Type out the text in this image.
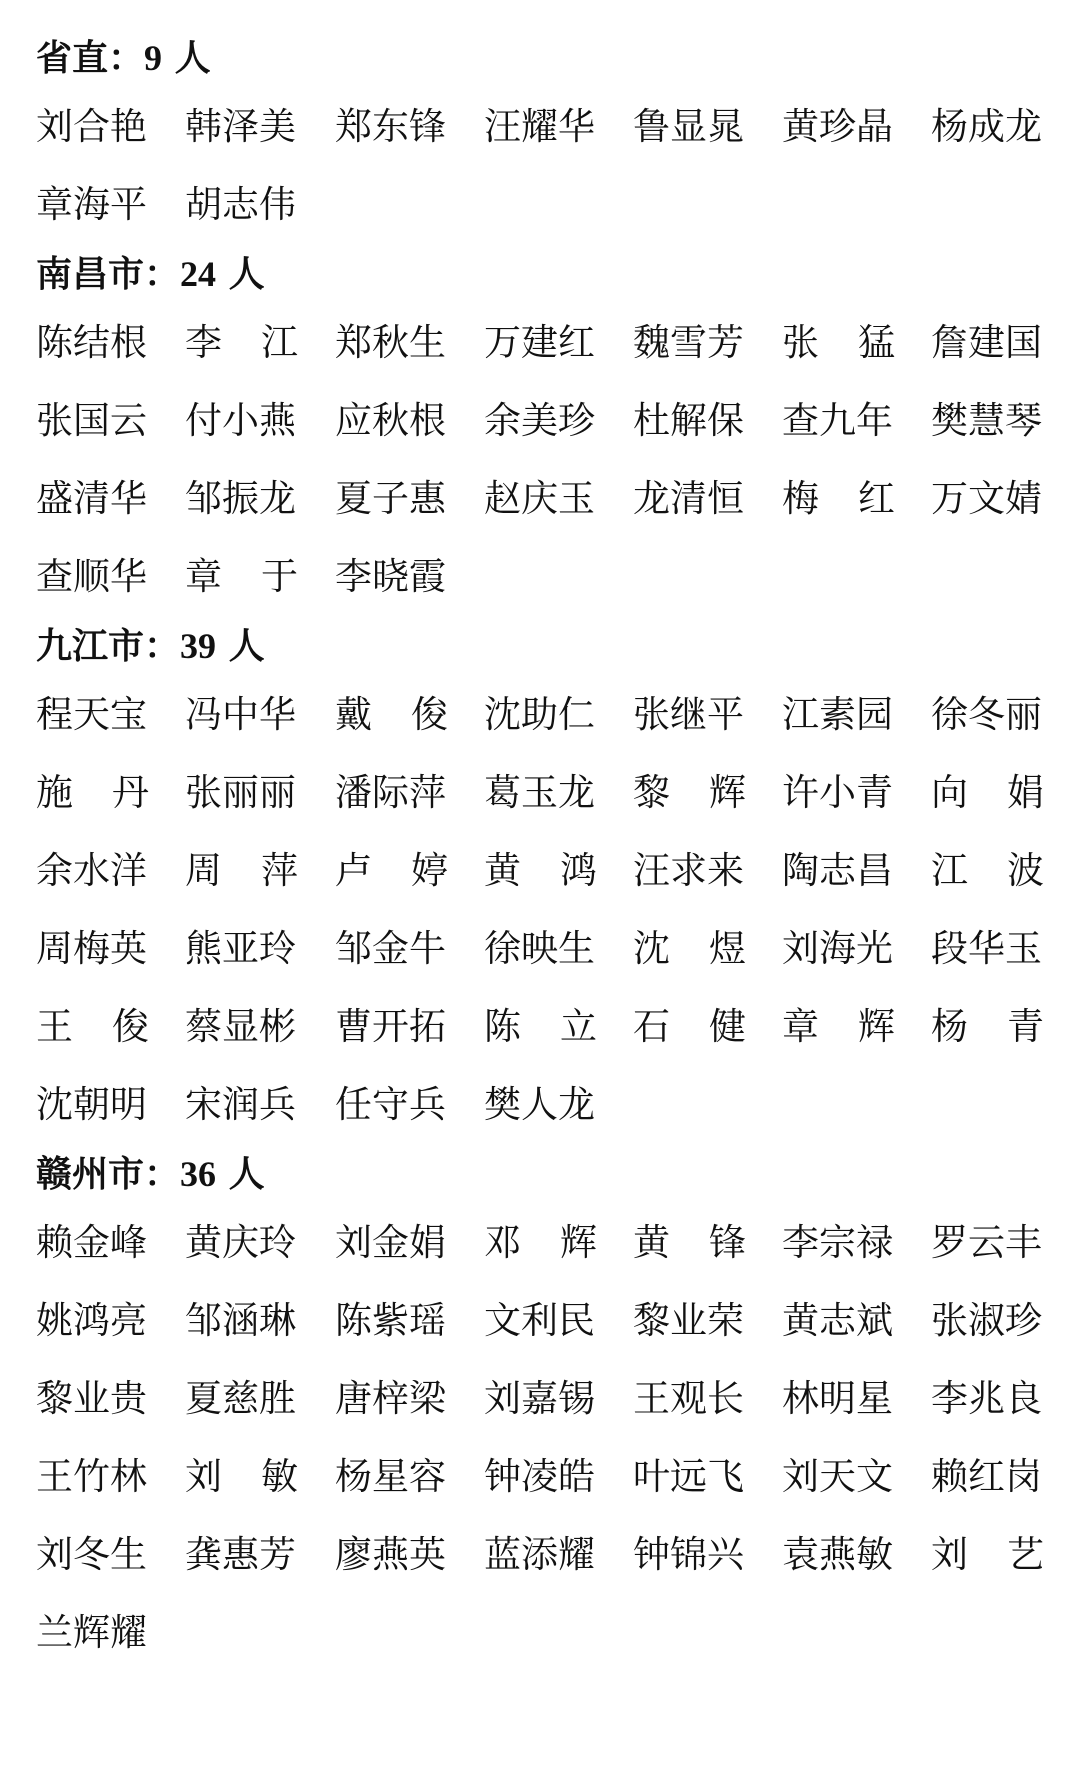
省直：9 人
刘合艳 韩泽美 郑东锋 汪耀华 鲁显晁 黄珍晶 杨成龙
章海平 胡志伟
南昌市：24 人
陈结根 李 江 郑秋生 万建红 魏雪芳 张 猛 詹建国
张国云 付小燕 应秋根 余美珍 杜解保 查九年 樊慧琴
盛清华 邹振龙 夏子惠 赵庆玉 龙清恒 梅 红 万文婧
查顺华 章 于 李晓霞
九江市：39 人
程天宝 冯中华 戴 俊 沈助仁 张继平 江素园 徐冬丽
施 丹 张丽丽 潘际萍 葛玉龙 黎 辉 许小青 向 娟
余水洋 周 萍 卢 婷 黄 鸿 汪求来 陶志昌 江 波
周梅英 熊亚玲 邹金牛 徐映生 沈 煜 刘海光 段华玉
王 俊 蔡显彬 曹开拓 陈 立 石 健 章 辉 杨 青
沈朝明 宋润兵 任守兵 樊人龙
赣州市：36 人
赖金峰 黄庆玲 刘金娟 邓 辉 黄 锋 李宗禄 罗云丰
姚鸿亮 邹涵琳 陈紫瑶 文利民 黎业荣 黄志斌 张淑珍
黎业贵 夏慈胜 唐梓梁 刘嘉锡 王观长 林明星 李兆良
王竹林 刘 敏 杨星容 钟凌皓 叶远飞 刘天文 赖红岗
刘冬生 龚惠芳 廖燕英 蓝添耀 钟锦兴 袁燕敏 刘 艺
兰辉耀
